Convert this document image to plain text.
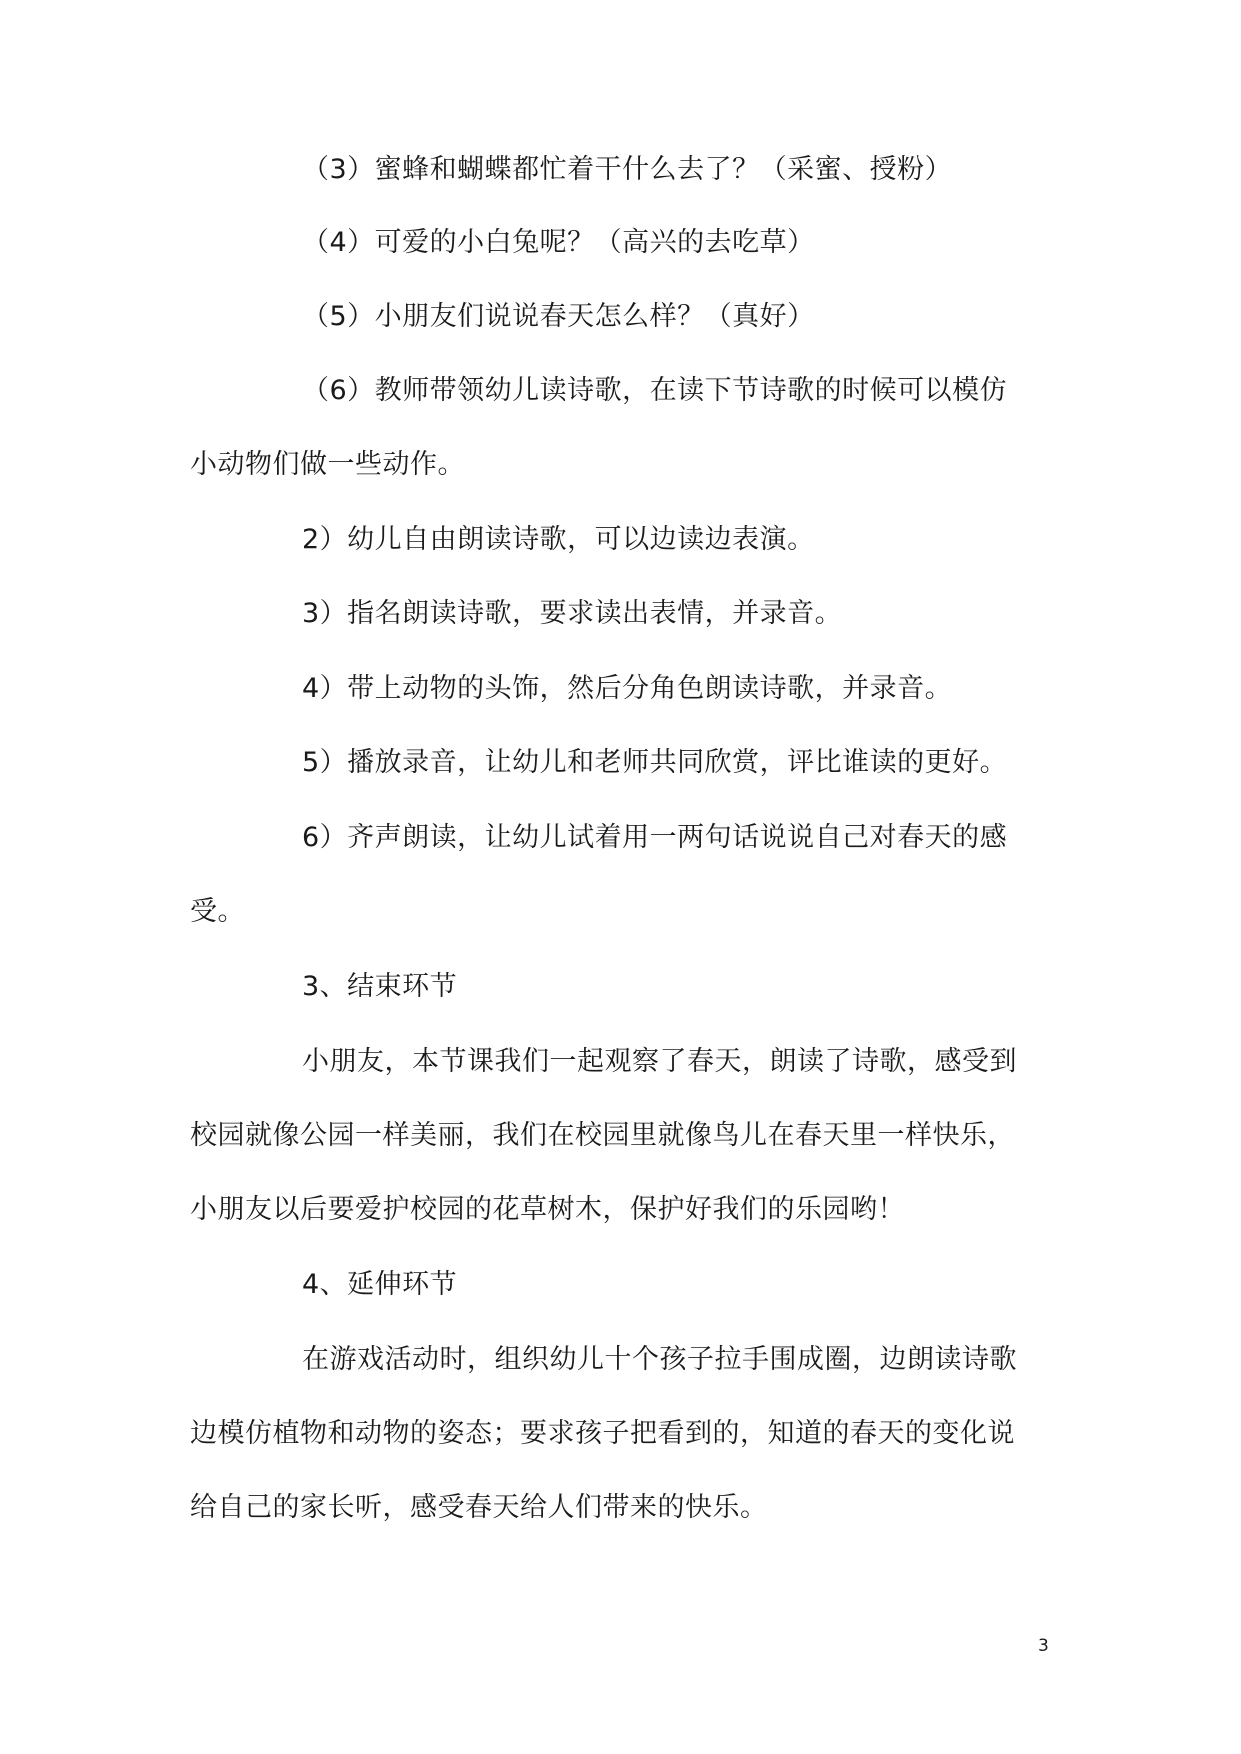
（3）蜜蜂和蝴蝶都忙着干什么去了？（采蜜、授粉）
（4）可爱的小白兔呢？（高兴的去吃草）
（5）小朋友们说说春天怎么样？（真好）
（6）教师带领幼儿读诗歌，在读下节诗歌的时候可以模仿
小动物们做一些动作。
2）幼儿自由朗读诗歌，可以边读边表演。
3）指名朗读诗歌，要求读出表情，并录音。
4）带上动物的头饰，然后分角色朗读诗歌，并录音。
5）播放录音，让幼儿和老师共同欣赏，评比谁读的更好。
6）齐声朗读，让幼儿试着用一两句话说说自己对春天的感
受。
3、结束环节
小朋友，本节课我们一起观察了春天，朗读了诗歌，感受到
校园就像公园一样美丽，我们在校园里就像鸟儿在春天里一样快乐，
小朋友以后要爱护校园的花草树木，保护好我们的乐园哟！
4、延伸环节
在游戏活动时，组织幼儿十个孩子拉手围成圈，边朗读诗歌
边模仿植物和动物的姿态；要求孩子把看到的，知道的春天的变化说
给自己的家长听，感受春天给人们带来的快乐。
3
